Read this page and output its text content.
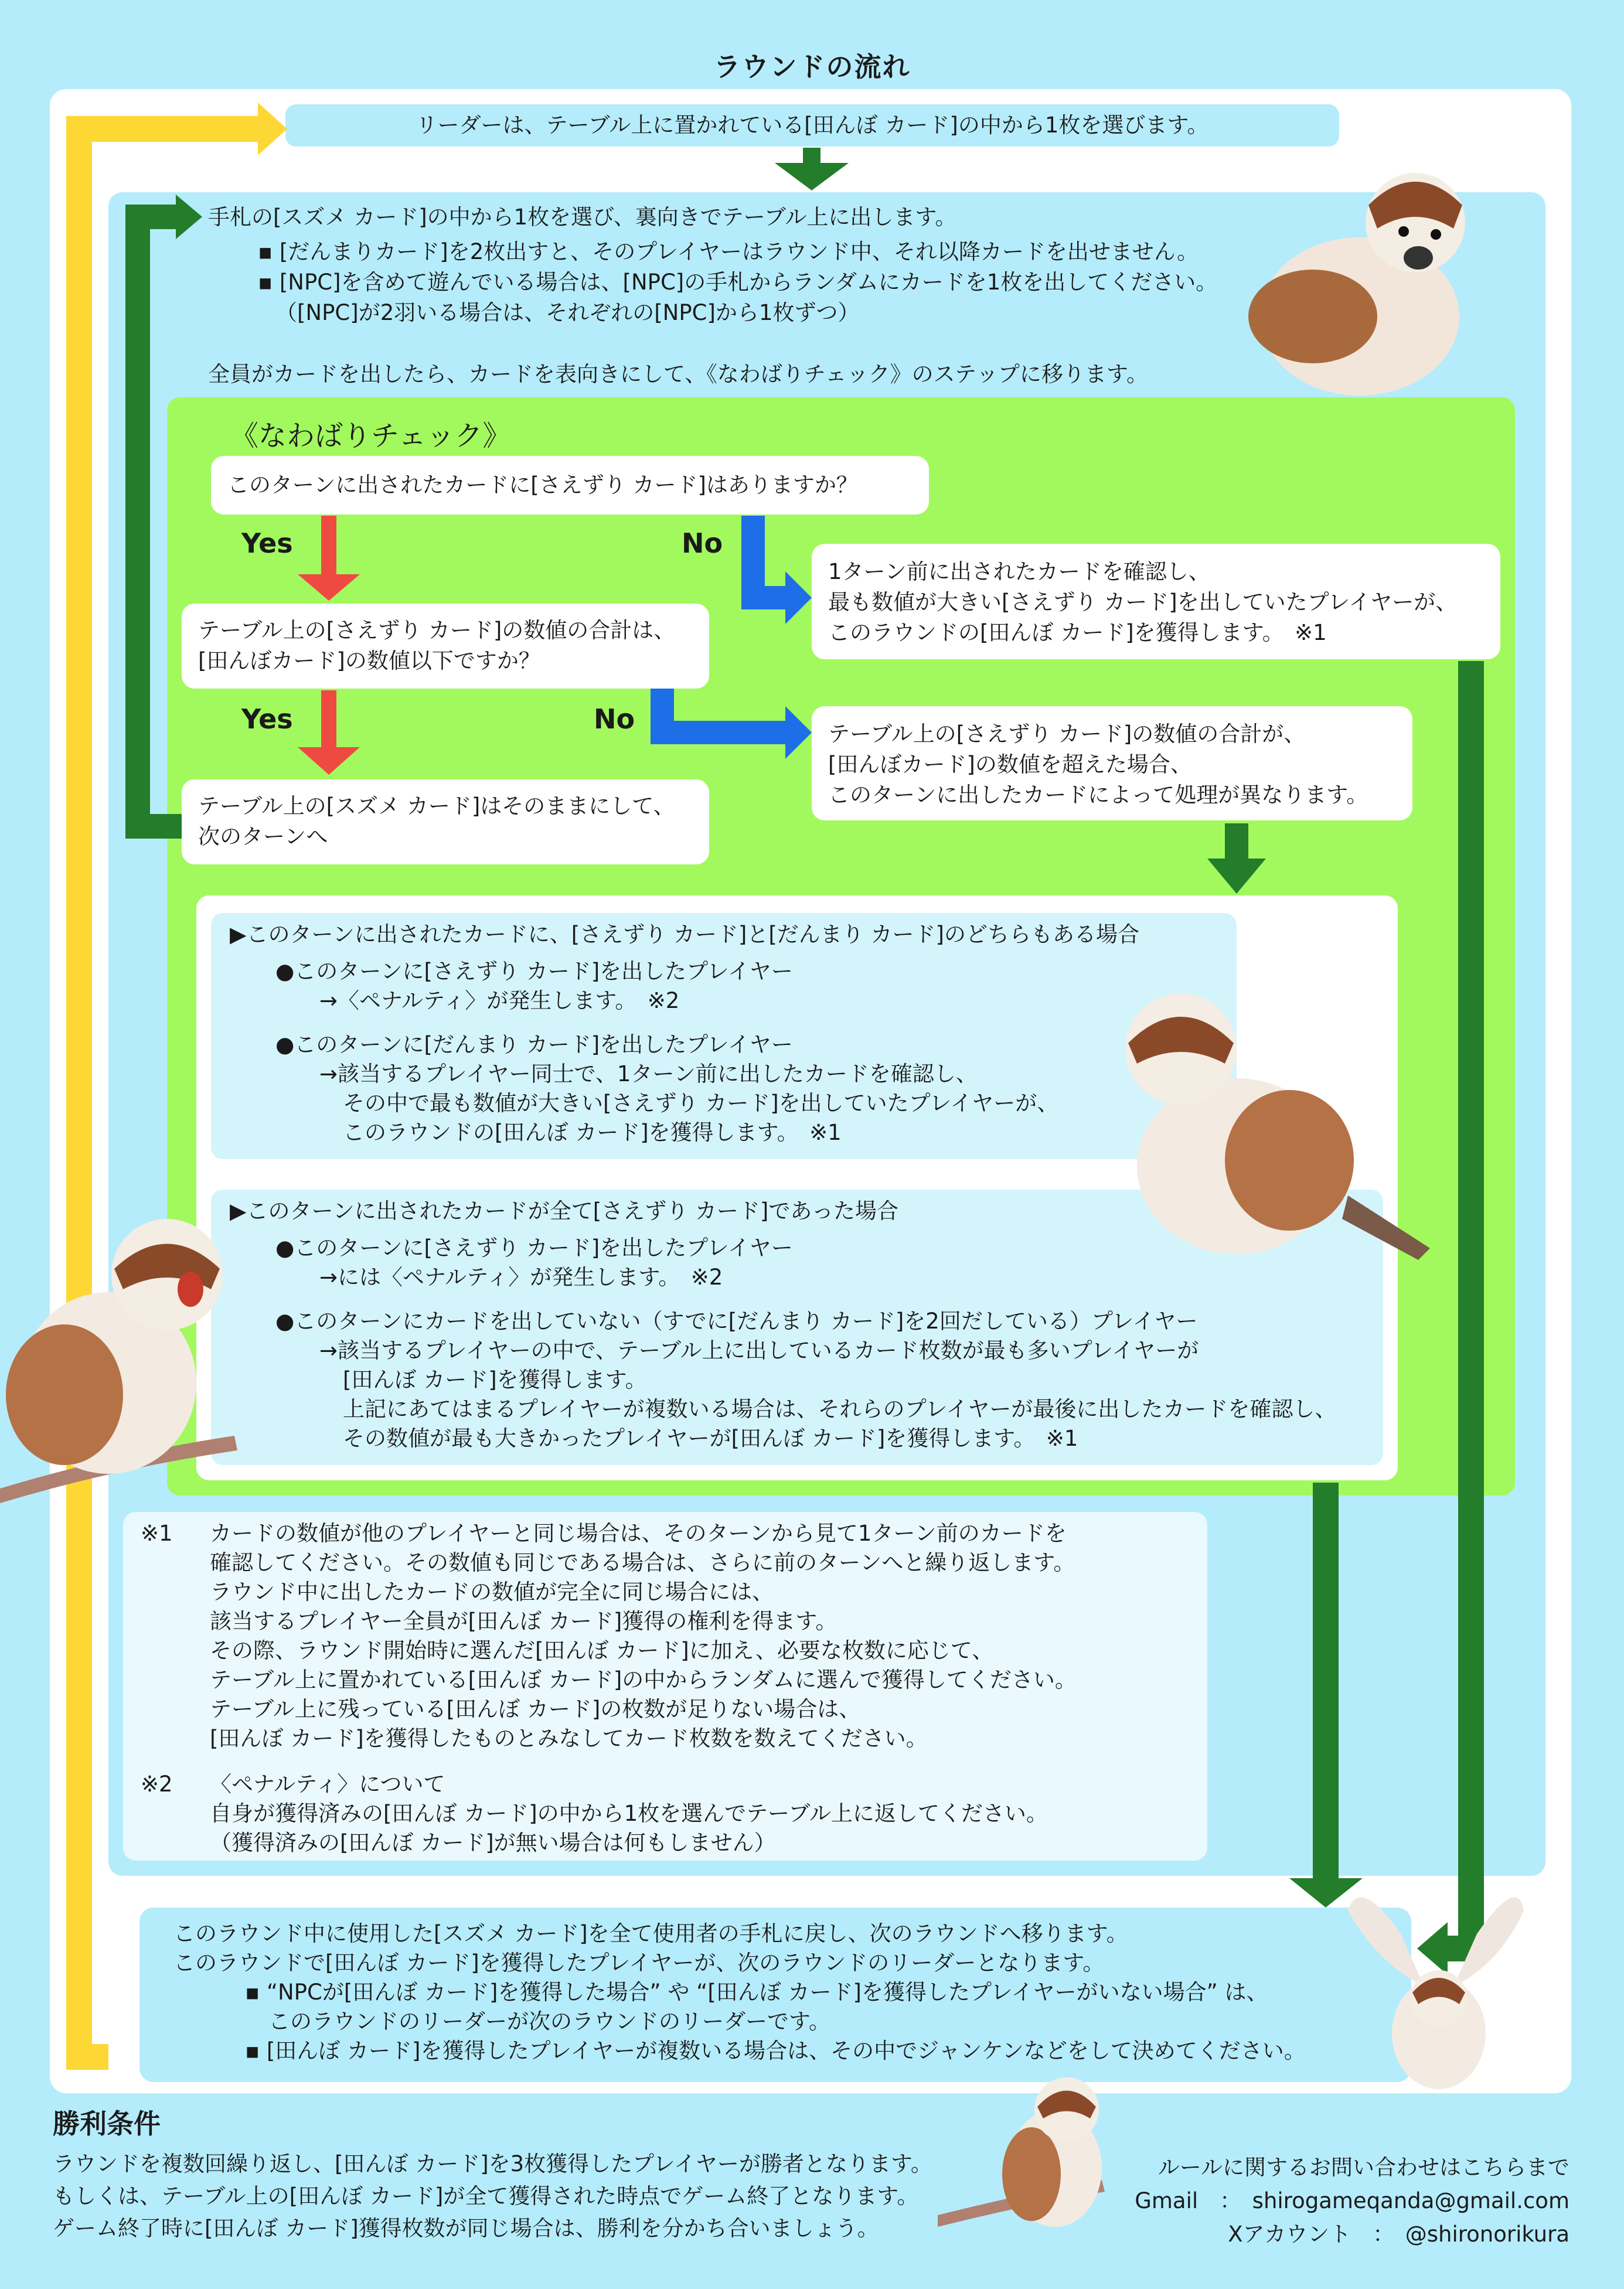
ラウンドの流れ
リーダーは、テーブル上に置かれている[田んぼ カード]の中から1枚を選びます。
手札の[スズメ カード]の中から1枚を選び、裏向きでテーブル上に出します。
▪ [だんまりカード]を2枚出すと、そのプレイヤーはラウンド中、それ以降カードを出せません。
▪ [NPC]を含めて遊んでいる場合は、[NPC]の手札からランダムにカードを1枚を出してください。
（[NPC]が2羽いる場合は、それぞれの[NPC]から1枚ずつ）
全員がカードを出したら、カードを表向きにして、《なわばりチェック》のステップに移ります。
《なわばりチェック》
このターンに出されたカードに[さえずり カード]はありますか？
Yes	No
1ターン前に出されたカードを確認し、
最も数値が大きい[さえずり カード]を出していたプレイヤーが、
このラウンドの[田んぼ カード]を獲得します。　※1
テーブル上の[さえずり カード]の数値の合計は、
[田んぼカード]の数値以下ですか？
Yes	No	テーブル上の[さえずり カード]の数値の合計が、
[田んぼカード]の数値を超えた場合、
このターンに出したカードによって処理が異なります。
テーブル上の[スズメ カード]はそのままにして、
次のターンへ
▶このターンに出されたカードに、[さえずり カード]と[だんまり カード]のどちらもある場合
●このターンに[さえずり カード]を出したプレイヤー
→〈ペナルティ〉が発生します。　※2
●このターンに[だんまり カード]を出したプレイヤー
→該当するプレイヤー同士で、1ターン前に出したカードを確認し、
その中で最も数値が大きい[さえずり カード]を出していたプレイヤーが、
このラウンドの[田んぼ カード]を獲得します。　※1
▶このターンに出されたカードが全て[さえずり カード]であった場合
●このターンに[さえずり カード]を出したプレイヤー
→には〈ペナルティ〉が発生します。　※2
●このターンにカードを出していない（すでに[だんまり カード]を2回だしている）プレイヤー
→該当するプレイヤーの中で、テーブル上に出しているカード枚数が最も多いプレイヤーが
[田んぼ カード]を獲得します。
上記にあてはまるプレイヤーが複数いる場合は、それらのプレイヤーが最後に出したカードを確認し、
その数値が最も大きかったプレイヤーが[田んぼ カード]を獲得します。　※1
※1 カードの数値が他のプレイヤーと同じ場合は、そのターンから見て1ターン前のカードを
確認してください。その数値も同じである場合は、さらに前のターンへと繰り返します。
ラウンド中に出したカードの数値が完全に同じ場合には、
該当するプレイヤー全員が[田んぼ カード]獲得の権利を得ます。
その際、ラウンド開始時に選んだ[田んぼ カード]に加え、必要な枚数に応じて、
テーブル上に置かれている[田んぼ カード]の中からランダムに選んで獲得してください。
テーブル上に残っている[田んぼ カード]の枚数が足りない場合は、
[田んぼ カード]を獲得したものとみなしてカード枚数を数えてください。
※2 〈ペナルティ〉について
自身が獲得済みの[田んぼ カード]の中から1枚を選んでテーブル上に返してください。
（獲得済みの[田んぼ カード]が無い場合は何もしません）
このラウンド中に使用した[スズメ カード]を全て使用者の手札に戻し、次のラウンドへ移ります。
このラウンドで[田んぼ カード]を獲得したプレイヤーが、次のラウンドのリーダーとなります。
▪ “NPCが[田んぼ カード]を獲得した場合” や “[田んぼ カード]を獲得したプレイヤーがいない場合” は、
このラウンドのリーダーが次のラウンドのリーダーです。
▪ [田んぼ カード]を獲得したプレイヤーが複数いる場合は、その中でジャンケンなどをして決めてください。
勝利条件
ラウンドを複数回繰り返し、[田んぼ カード]を3枚獲得したプレイヤーが勝者となります。
もしくは、テーブル上の[田んぼ カード]が全て獲得された時点でゲーム終了となります。
ゲーム終了時に[田んぼ カード]獲得枚数が同じ場合は、勝利を分かち合いましょう。
ルールに関するお問い合わせはこちらまで
Gmail　：　shirogameqanda@gmail.com
Xアカウント　：　@shironorikura
